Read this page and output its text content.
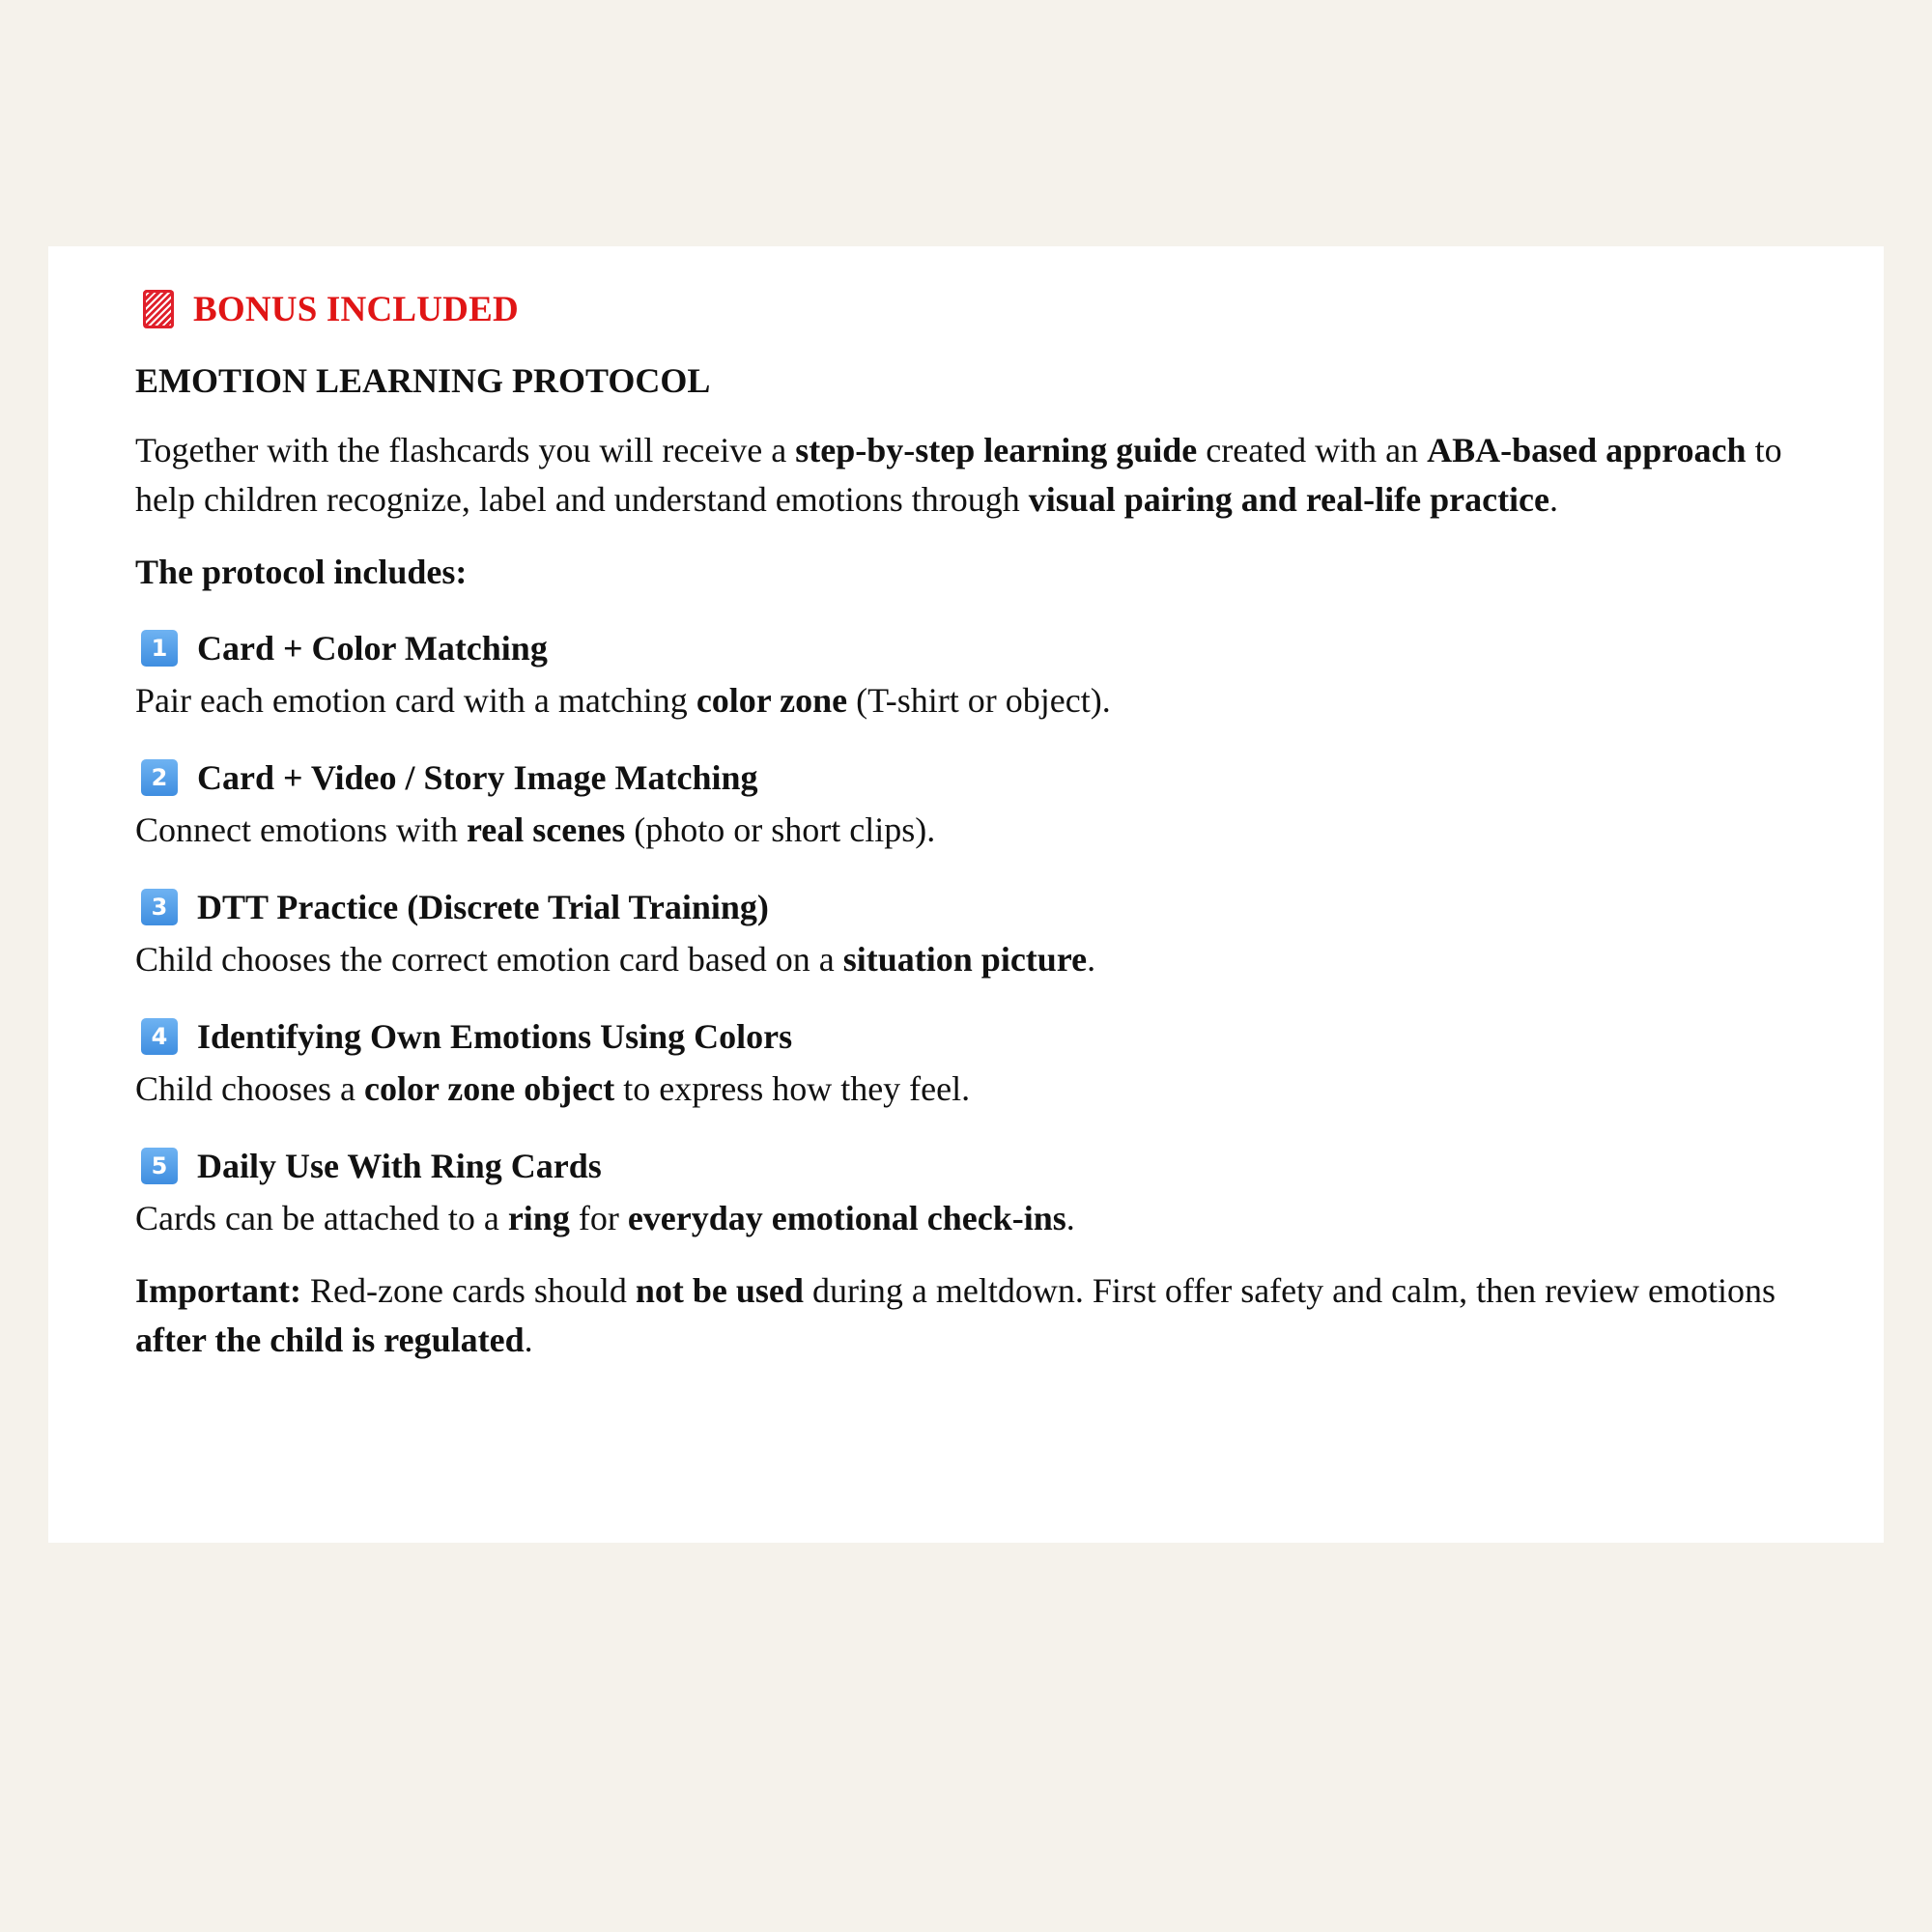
BONUS INCLUDED
EMOTION LEARNING PROTOCOL
Together with the flashcards you will receive a step-by-step learning guide created with an ABA-based approach to help children recognize, label and understand emotions through visual pairing and real-life practice.
The protocol includes:
1 Card + Color Matching
Pair each emotion card with a matching color zone (T-shirt or object).
2 Card + Video / Story Image Matching
Connect emotions with real scenes (photo or short clips).
3 DTT Practice (Discrete Trial Training)
Child chooses the correct emotion card based on a situation picture.
4 Identifying Own Emotions Using Colors
Child chooses a color zone object to express how they feel.
5 Daily Use With Ring Cards
Cards can be attached to a ring for everyday emotional check-ins.
Important: Red-zone cards should not be used during a meltdown. First offer safety and calm, then review emotions after the child is regulated.
